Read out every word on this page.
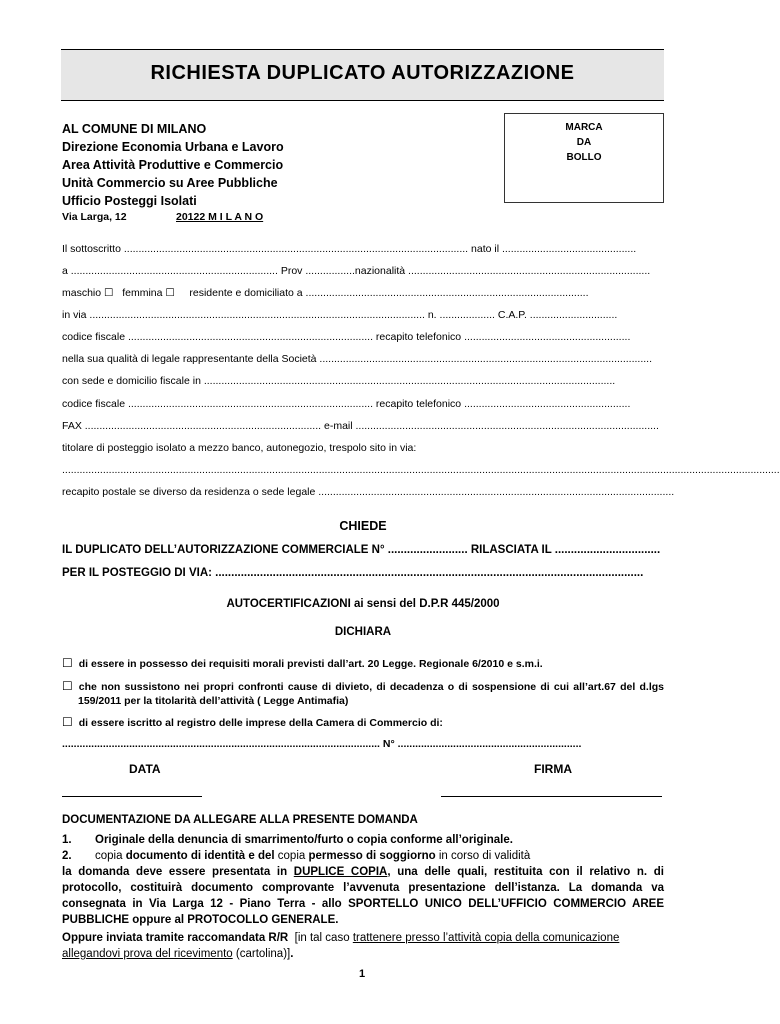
RICHIESTA DUPLICATO AUTORIZZAZIONE
AL COMUNE DI MILANO
Direzione Economia Urbana e Lavoro
Area Attività Produttive e Commercio
Unità Commercio su Aree Pubbliche
Ufficio Posteggi Isolati
Via Larga, 12	20122 M I L A N O
MARCA
DA
BOLLO
Il sottoscritto ...................................................................................................................... nato il ..............................................
a ....................................................................... Prov .................nazionalità ...................................................................................
maschio ☐ femmina ☐ residente e domiciliato a .................................................................................................
in via ................................................................................................................... n. ................... C.A.P. ..............................
codice fiscale .................................................................................... recapito telefonico .........................................................
nella sua qualità di legale rappresentante della Società ..................................................................................................................
con sede e domicilio fiscale in .............................................................................................................................................
codice fiscale .................................................................................... recapito telefonico .........................................................
FAX ................................................................................. e-mail ........................................................................................................
titolare di posteggio isolato a mezzo banco, autonegozio, trespolo sito in via:
......................................................................................................................................................................................................................................................
recapito postale se diverso da residenza o sede legale ..........................................................................................................................
CHIEDE
IL DUPLICATO DELL’AUTORIZZAZIONE COMMERCIALE N° ......................... RILASCIATA IL .................................
PER IL POSTEGGIO DI VIA: ......................................................................................................................................
AUTOCERTIFICAZIONI ai sensi del D.P.R 445/2000
DICHIARA
☐ di essere in possesso dei requisiti morali previsti dall’art. 20 Legge. Regionale 6/2010 e s.m.i.
☐ che non sussistono nei propri confronti cause di divieto, di decadenza o di sospensione di cui all’art.67 del d.lgs 159/2011 per la titolarità dell’attività ( Legge Antimafia)
☐ di essere iscritto al registro delle imprese della Camera di Commercio di:
............................................................................................................. N° ...............................................................
DATA	FIRMA
DOCUMENTAZIONE DA ALLEGARE ALLA PRESENTE DOMANDA
1. Originale della denuncia di smarrimento/furto o copia conforme all’originale.
2. copia documento di identità e del copia permesso di soggiorno in corso di validità
la domanda deve essere presentata in DUPLICE COPIA, una delle quali, restituita con il relativo n. di protocollo, costituirà documento comprovante l’avvenuta presentazione dell’istanza. La domanda va consegnata in Via Larga 12 - Piano Terra - allo SPORTELLO UNICO DELL’UFFICIO COMMERCIO AREE PUBBLICHE oppure al PROTOCOLLO GENERALE.
Oppure inviata tramite raccomandata R/R [in tal caso trattenere presso l’attività copia della comunicazione allegandovi prova del ricevimento (cartolina)].
1
